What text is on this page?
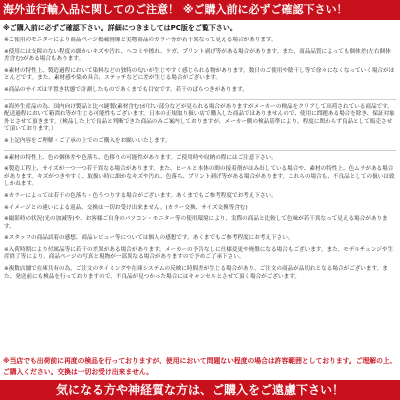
海外並行輸入品に関してのご注意！ ※ご購入前に必ずご確認下さい！
※ご購入前に必ずご確認下さい。詳細につきましてはPC版をご覧下さい。

※ご使用のモニターにより商品ページ掲載画像と実物商品のカラー等が若干異なって見える場合があります。

※使用には支障のない程度の細かいキズや汚れ、ヘコミや擦れ、ケガ、プリント剥げ等がある場合があります。また、商品品質によっても個体差(左右個体差含む)がある場合もあります。

※素材の特性上、製造過程において染料などの独特の匂いが生じやすく感じられる物があります。数日のご使用や陰干し等で徐々になくなっていく場合がほとんどです。また、素材感や染め具合、ステッチなどに差が生じる場合がございます。

※商品のサイズは平置き状態で計測したものであくまでも目安です。若干のばらつきがあります。

※海外生産品の為、国内向け製品と比べ縫製(素材含む)が甘い部分などが見られる場合がありますがメーカーの検品をクリアして出荷されている商品です。配送過程において箱潰れ等が生じる可能性もございます。日本の正規取り扱い店で購入した商品ではありませんので、使用に問題ある場合を除き、保証対象外とさせて頂きます。（検品した上で良品と判断できた商品のみご案内しておりますが、メーカー側の検品基準により、程度に関わらず良品として販売させて頂いております。）

※上記内容をご理解・ご了承の上でのご購入をお願いいたします。

※素材の特性上、色の個体差や色落ち、色移りの可能性があります。ご使用時や収納の際にはご注意下さい。

※製造工程上、サイズが一つ一つ若干異なる場合があります。また、ヒールと本体の間の接着剤がはみ出している場合や、素材の特性上、色ムラがある場合があります。キズがつきやすく、取扱い時に細かなキズや汚れ、色落ち、プリント剥げ等がある場合があります。これらの場合も、不良品としての扱いは致しかねます。

※カラーによっては若干の色落ち・色うつりする場合がございます。あくまでもご参考程度でお考え下さい。

※イメージとの違いによる返品、交換は一切お受け出来ません。(カラー交換、サイズ交換等含む)

※撮影時の状況(光の加減等)や、お客様ご自身のパソコン・モニター等の使用環境により、実際の商品と比較して色味が若干異なって見える場合があります。

※スタッフの商品試着の感想、商品レビュー等については個人の感想です。あくまでもご参考程度にお考え下さい。

※入荷時期により付属品等に若干の差異がある場合があります。メーカーの予告なしに仕様変更や廃盤になる場合もございます。また、モデルチェンジや生産終了等により、商品ページの写真と現物が一部異なる場合がありますので予めご了承下さい。

※複数店舗で在庫共有の為、ご注文のタイミングや在庫システムの反映に時間差が生じる場合があり、ご注文の商品が品切れとなる場合がございます。また、発送前にも検品を行っておりますので、不良品が見つかった場合にはキャンセルとさせて頂く場合がございます。

※当店でも出荷前に再度の検品を行っておりますが、使用において問題ない程度の場合は許容範囲としております。ご理解の上、ご購入ください。交換は一切お受け出来ません。
気になる方や神経質な方は、ご購入をご遠慮下さい！
